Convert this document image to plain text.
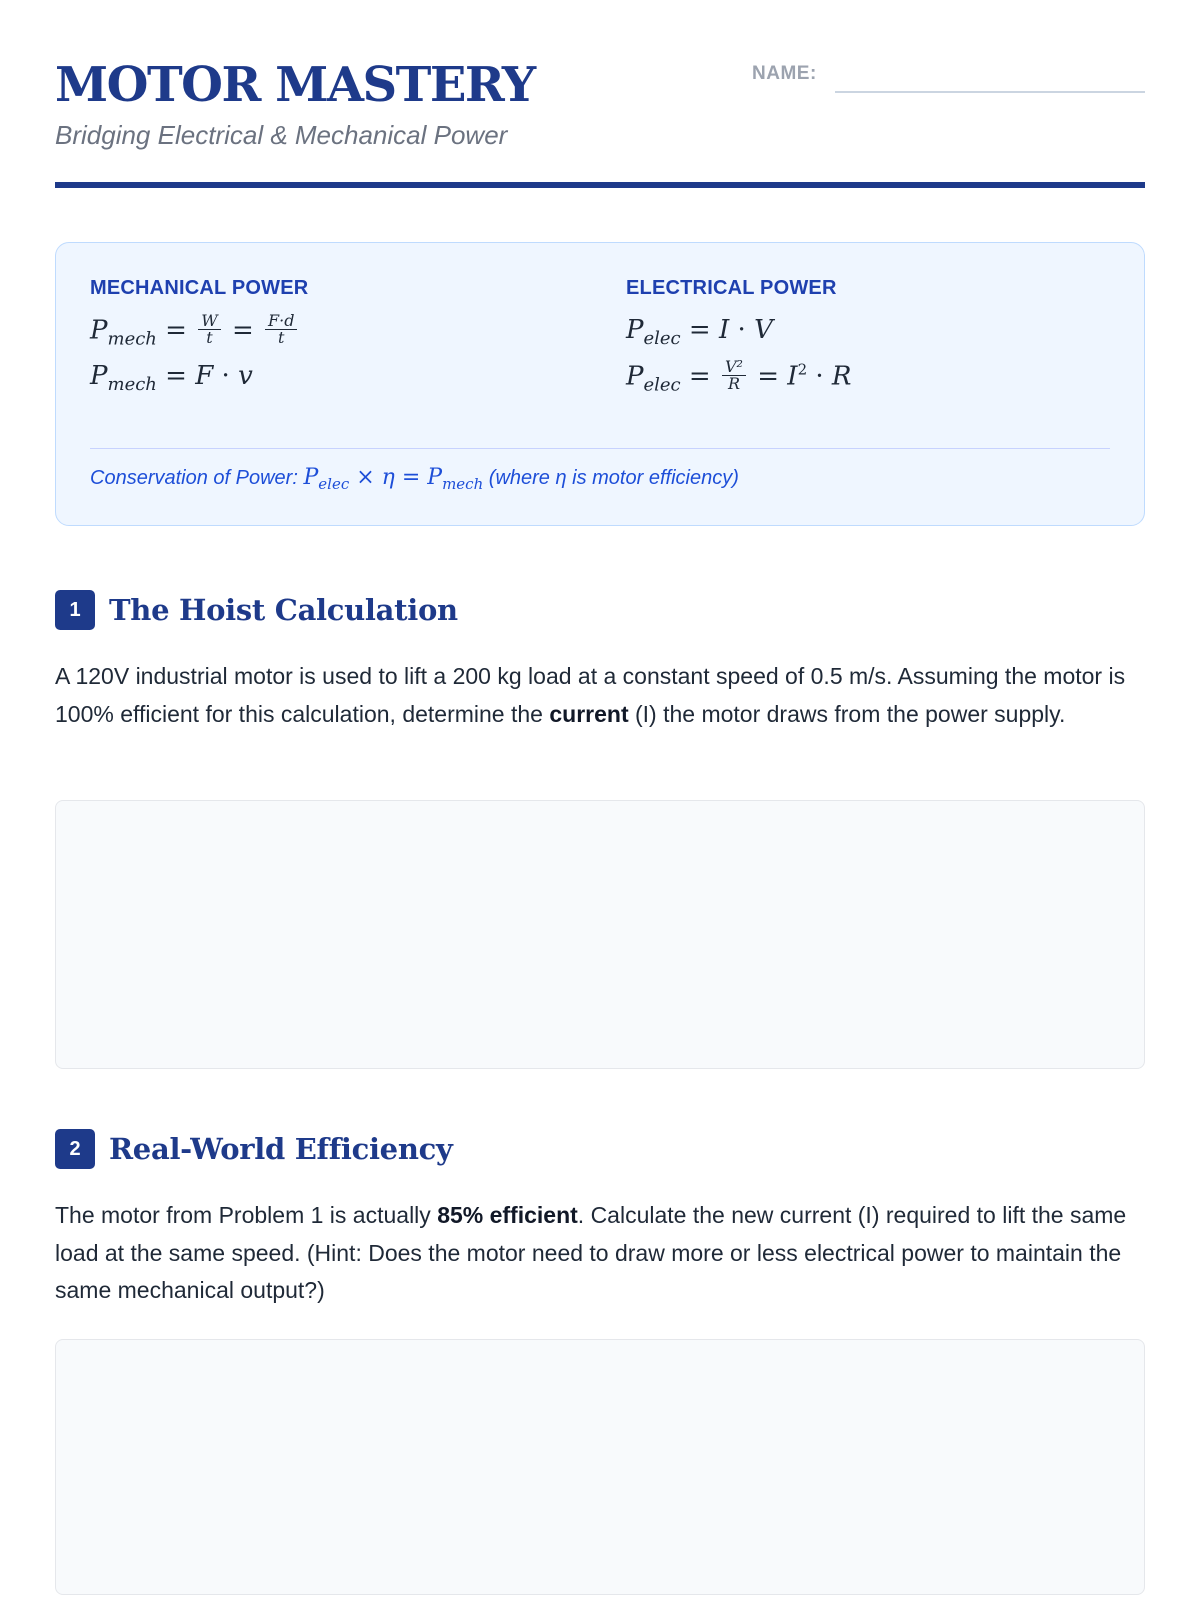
MOTOR MASTERY
Bridging Electrical & Mechanical Power
NAME:
MECHANICAL POWER
$P_{mech} = \frac{W}{t} = \frac{F\cdot d}{t}$
$P_{mech} = F \cdot v$
ELECTRICAL POWER
$P_{elec} = I \cdot V$
$P_{elec} = \frac{\text{V²}}{R} = I^2 \cdot R$
Conservation of Power: $P_{elec} \times \eta = P_{mech}$ (where η is motor efficiency)
1 The Hoist Calculation
A 120V industrial motor is used to lift a 200 kg load at a constant speed of 0.5 m/s. Assuming the motor is 100% efficient for this calculation, determine the current (I) the motor draws from the power supply.
2 Real-World Efficiency
The motor from Problem 1 is actually 85% efficient. Calculate the new current (I) required to lift the same load at the same speed. (Hint: Does the motor need to draw more or less electrical power to maintain the same mechanical output?)
